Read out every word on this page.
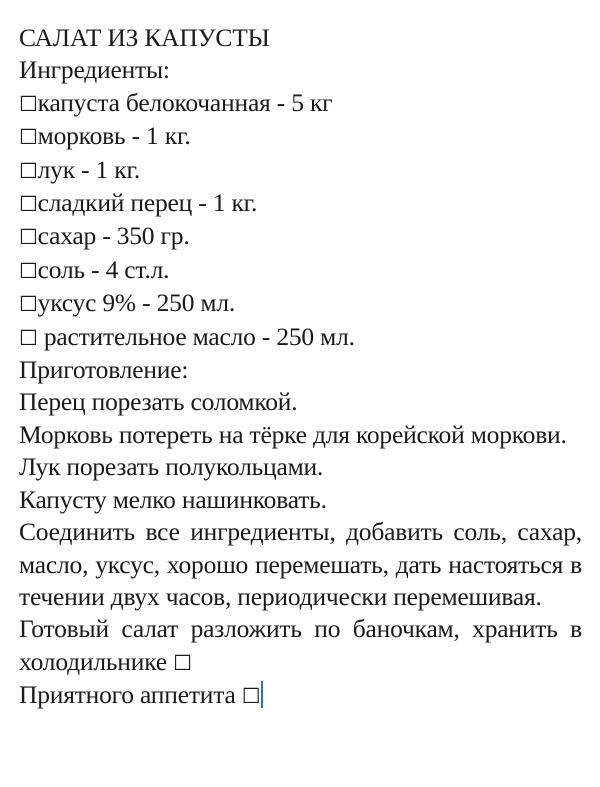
САЛАТ ИЗ КАПУСТЫ

Ингредиенты:

☐капуста белокочанная - 5 кг

☐морковь - 1 кг.

☐лук - 1 кг.

☐сладкий перец - 1 кг.

☐сахар - 350 гр.

☐соль - 4 ст.л.

☐уксус 9% - 250 мл.

☐ растительное масло - 250 мл.

Приготовление:

Перец порезать соломкой.

Морковь потереть на тёрке для корейской моркови.

Лук порезать полукольцами.

Капусту мелко нашинковать.

Соединить все ингредиенты, добавить соль, сахар, масло, уксус, хорошо перемешать, дать настояться в течении двух часов, периодически перемешивая.

Готовый салат разложить по баночкам, хранить в холодильнике ☐

Приятного аппетита ☐
